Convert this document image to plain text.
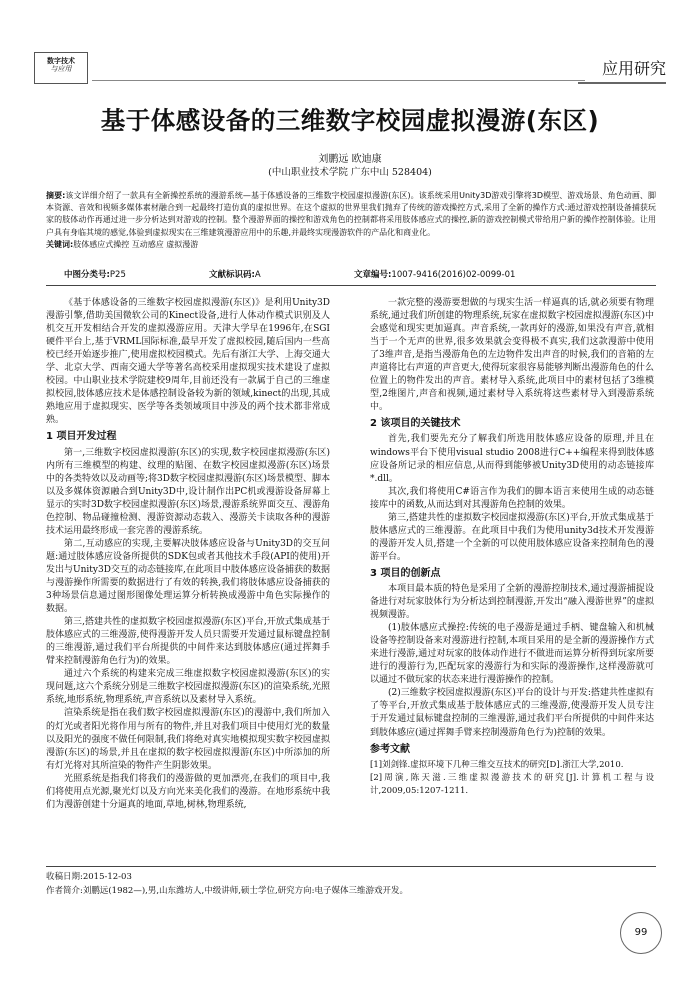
数字技术
与应用	应用研究
基于体感设备的三维数字校园虚拟漫游(东区)
刘鹏远 欧迪康
(中山职业技术学院 广东中山 528404)
摘要:该文详细介绍了一款具有全新操控系统的漫游系统—基于体感设备的三维数字校园虚拟漫游(东区)。该系统采用Unity3D游戏引擎将3D模型、游戏场景、角色动画、脚本资源、音效和视频多媒体素材融合到一起最终打造仿真的虚拟世界。在这个虚拟的世界里我们抛弃了传统的游戏操控方式,采用了全新的操作方式:通过游戏控制设备捕获玩家的肢体动作再通过进一步分析达到对游戏的控制。整个漫游界面的操控和游戏角色的控制都将采用肢体感应式的操控,新的游戏控制模式带给用户新的操作控制体验。让用户具有身临其境的感觉,体验到虚拟现实在三维建筑漫游应用中的乐趣,并最终实现漫游软件的产品化和商业化。
关键词:肢体感应式操控 互动感应 虚拟漫游
中图分类号:P25	文献标识码:A	文章编号:1007-9416(2016)02-0099-01

《基于体感设备的三维数字校园虚拟漫游(东区)》是利用Unity3D漫游引擎,借助美国微软公司的Kinect设备,进行人体动作模式识别及人机交互开发相结合开发的虚拟漫游应用。天津大学早在1996年,在SGI硬件平台上,基于VRML国际标准,最早开发了虚拟校园,随后国内一些高校已经开始逐步推广,使用虚拟校园模式。先后有浙江大学、上海交通大学、北京大学、西南交通大学等著名高校采用虚拟现实技术建设了虚拟校园。中山职业技术学院建校9周年,目前还没有一款属于自己的三维虚拟校园,肢体感应技术是体感控制设备较为新的领域,kinect的出现,其成熟地应用于虚拟现实、医学等各类领域项目中涉及的两个技术都非常成熟。

1 项目开发过程

第一,三维数字校园虚拟漫游(东区)的实现,数字校园虚拟漫游(东区)内所有三维模型的构建、纹理的贴图、在数字校园虚拟漫游(东区)场景中的各类特效以及动画等;将3D数字校园虚拟漫游(东区)场景模型、脚本以及多媒体资源融合到Unity3D中,设计制作出PC机或漫游设备屏幕上显示的实时3D数字校园虚拟漫游(东区)场景,漫游系统界面交互、漫游角色控制、物品碰撞检测、漫游资源动态载入、漫游关卡读取各种的漫游技术运用最终形成一套完善的漫游系统。

第二,互动感应的实现,主要解决肢体感应设备与Unity3D的交互问题:通过肢体感应设备所提供的SDK包或者其他技术手段(API的使用)开发出与Unity3D交互的动态链接库,在此项目中肢体感应设备捕获的数据与漫游操作所需要的数据进行了有效的转换,我们将肢体感应设备捕获的3种场景信息通过图形图像处理运算分析转换成漫游中角色实际操作的数据。

第三,搭建共性的虚拟数字校园虚拟漫游(东区)平台,开放式集成基于肢体感应式的三维漫游,使得漫游开发人员只需要开发通过鼠标键盘控制的三维漫游,通过我们平台所提供的中间件来达到肢体感应(通过挥舞手臂来控制漫游角色行为)的效果。

通过六个系统的构建来完成三维虚拟数字校园虚拟漫游(东区)的实现问题,这六个系统分别是三维数字校园虚拟漫游(东区)的渲染系统,光照系统,地形系统,物理系统,声音系统以及素材导入系统。

渲染系统是指在我们数字校园虚拟漫游(东区)的漫游中,我们所加入的灯光或者阳光将作用与所有的物件,并且对我们项目中使用灯光的数量以及阳光的强度不做任何限制,我们将绝对真实地模拟现实数字校园虚拟漫游(东区)的场景,并且在虚拟的数字校园虚拟漫游(东区)中所添加的所有灯光将对其所渲染的物件产生阴影效果。

光照系统是指我们将我们的漫游做的更加漂亮,在我们的项目中,我们将使用点光源,聚光灯以及方向光来美化我们的漫游。在地形系统中我们为漫游创建十分逼真的地面,草地,树林,物理系统,

一款完整的漫游要想做的与现实生活一样逼真的话,就必须要有物理系统,通过我们所创建的物理系统,玩家在虚拟数字校园虚拟漫游(东区)中会感觉和现实更加逼真。声音系统,一款再好的漫游,如果没有声音,就相当于一个无声的世界,很多效果就会变得极不真实,我们这款漫游中使用了3维声音,是指当漫游角色的左边物件发出声音的时候,我们的音箱的左声道将比右声道的声音更大,使得玩家很容易能够判断出漫游角色的什么位置上的物件发出的声音。素材导入系统,此项目中的素材包括了3维模型,2维图片,声音和视频,通过素材导入系统将这些素材导入到漫游系统中。

2 该项目的关键技术

首先,我们要先充分了解我们所选用肢体感应设备的原理,并且在windows平台下使用visual studio 2008进行C++编程来得到肢体感应设备所记录的相应信息,从而得到能够被Unity3D使用的动态链接库*.dll。

其次,我们将使用C#语言作为我们的脚本语言来使用生成的动态链接库中的函数,从而达到对其漫游角色控制的效果。

第三,搭建共性的虚拟数字校园虚拟漫游(东区)平台,开放式集成基于肢体感应式的三维漫游。在此项目中我们为使用unity3d技术开发漫游的漫游开发人员,搭建一个全新的可以使用肢体感应设备来控制角色的漫游平台。

3 项目的创新点

本项目最本质的特色是采用了全新的漫游控制技术,通过漫游捕捉设备进行对玩家肢体行为分析达到控制漫游,开发出“融入漫游世界”的虚拟视频漫游。

(1)肢体感应式操控:传统的电子漫游是通过手柄、键盘输入和机械设备等控制设备来对漫游进行控制,本项目采用的是全新的漫游操作方式来进行漫游,通过对玩家的肢体动作进行不做进而运算分析得到玩家所要进行的漫游行为,匹配玩家的漫游行为和实际的漫游操作,这样漫游就可以通过不做玩家的状态来进行漫游操作的控制。

(2)三维数字校园虚拟漫游(东区)平台的设计与开发:搭建共性虚拟有了等平台,开放式集成基于肢体感应式的三维漫游,使漫游开发人员专注于开发通过鼠标键盘控制的三维漫游,通过我们平台所提供的中间件来达到肢体感应(通过挥舞手臂来控制漫游角色行为)控制的效果。

参考文献

[1]刘剑锋.虚拟环境下几种三维交互技术的研究[D].浙江大学,2010.

[2]周演,陈天滋.三维虚拟漫游技术的研究[J].计算机工程与设计,2009,05:1207-1211.

收稿日期:2015-12-03
作者简介:刘鹏远(1982—),男,山东潍坊人,中级讲师,硕士学位,研究方向:电子媒体三维游戏开发。
99
